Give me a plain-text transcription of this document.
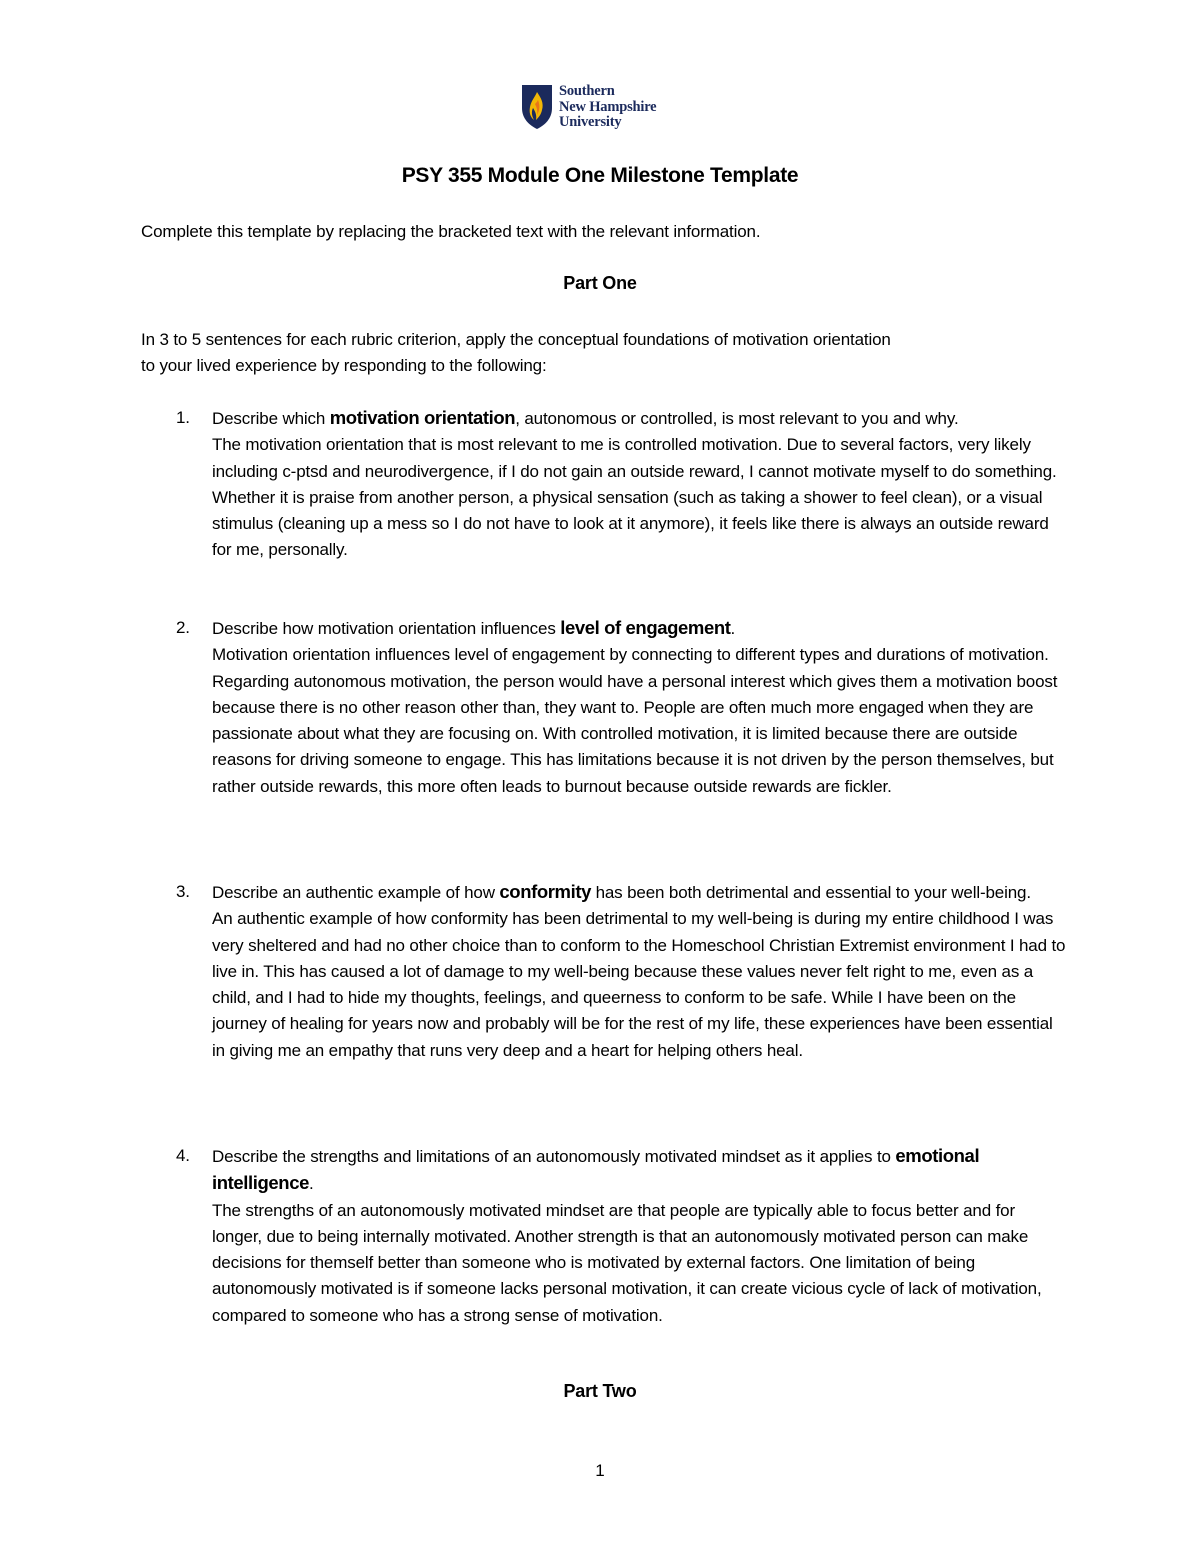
Southern
New Hampshire
University
PSY 355 Module One Milestone Template
Complete this template by replacing the bracketed text with the relevant information.
Part One
In 3 to 5 sentences for each rubric criterion, apply the conceptual foundations of motivation orientation
to your lived experience by responding to the following:
1. Describe which motivation orientation, autonomous or controlled, is most relevant to you and why.
The motivation orientation that is most relevant to me is controlled motivation. Due to several factors, very likely including c-ptsd and neurodivergence, if I do not gain an outside reward, I cannot motivate myself to do something. Whether it is praise from another person, a physical sensation (such as taking a shower to feel clean), or a visual stimulus (cleaning up a mess so I do not have to look at it anymore), it feels like there is always an outside reward for me, personally.
2. Describe how motivation orientation influences level of engagement.
Motivation orientation influences level of engagement by connecting to different types and durations of motivation. Regarding autonomous motivation, the person would have a personal interest which gives them a motivation boost because there is no other reason other than, they want to. People are often much more engaged when they are passionate about what they are focusing on. With controlled motivation, it is limited because there are outside reasons for driving someone to engage. This has limitations because it is not driven by the person themselves, but rather outside rewards, this more often leads to burnout because outside rewards are fickler.
3. Describe an authentic example of how conformity has been both detrimental and essential to your well-being.
An authentic example of how conformity has been detrimental to my well-being is during my entire childhood I was very sheltered and had no other choice than to conform to the Homeschool Christian Extremist environment I had to live in. This has caused a lot of damage to my well-being because these values never felt right to me, even as a child, and I had to hide my thoughts, feelings, and queerness to conform to be safe. While I have been on the journey of healing for years now and probably will be for the rest of my life, these experiences have been essential in giving me an empathy that runs very deep and a heart for helping others heal.
4. Describe the strengths and limitations of an autonomously motivated mindset as it applies to emotional intelligence.
The strengths of an autonomously motivated mindset are that people are typically able to focus better and for longer, due to being internally motivated. Another strength is that an autonomously motivated person can make decisions for themself better than someone who is motivated by external factors. One limitation of being autonomously motivated is if someone lacks personal motivation, it can create vicious cycle of lack of motivation, compared to someone who has a strong sense of motivation.
Part Two
1
